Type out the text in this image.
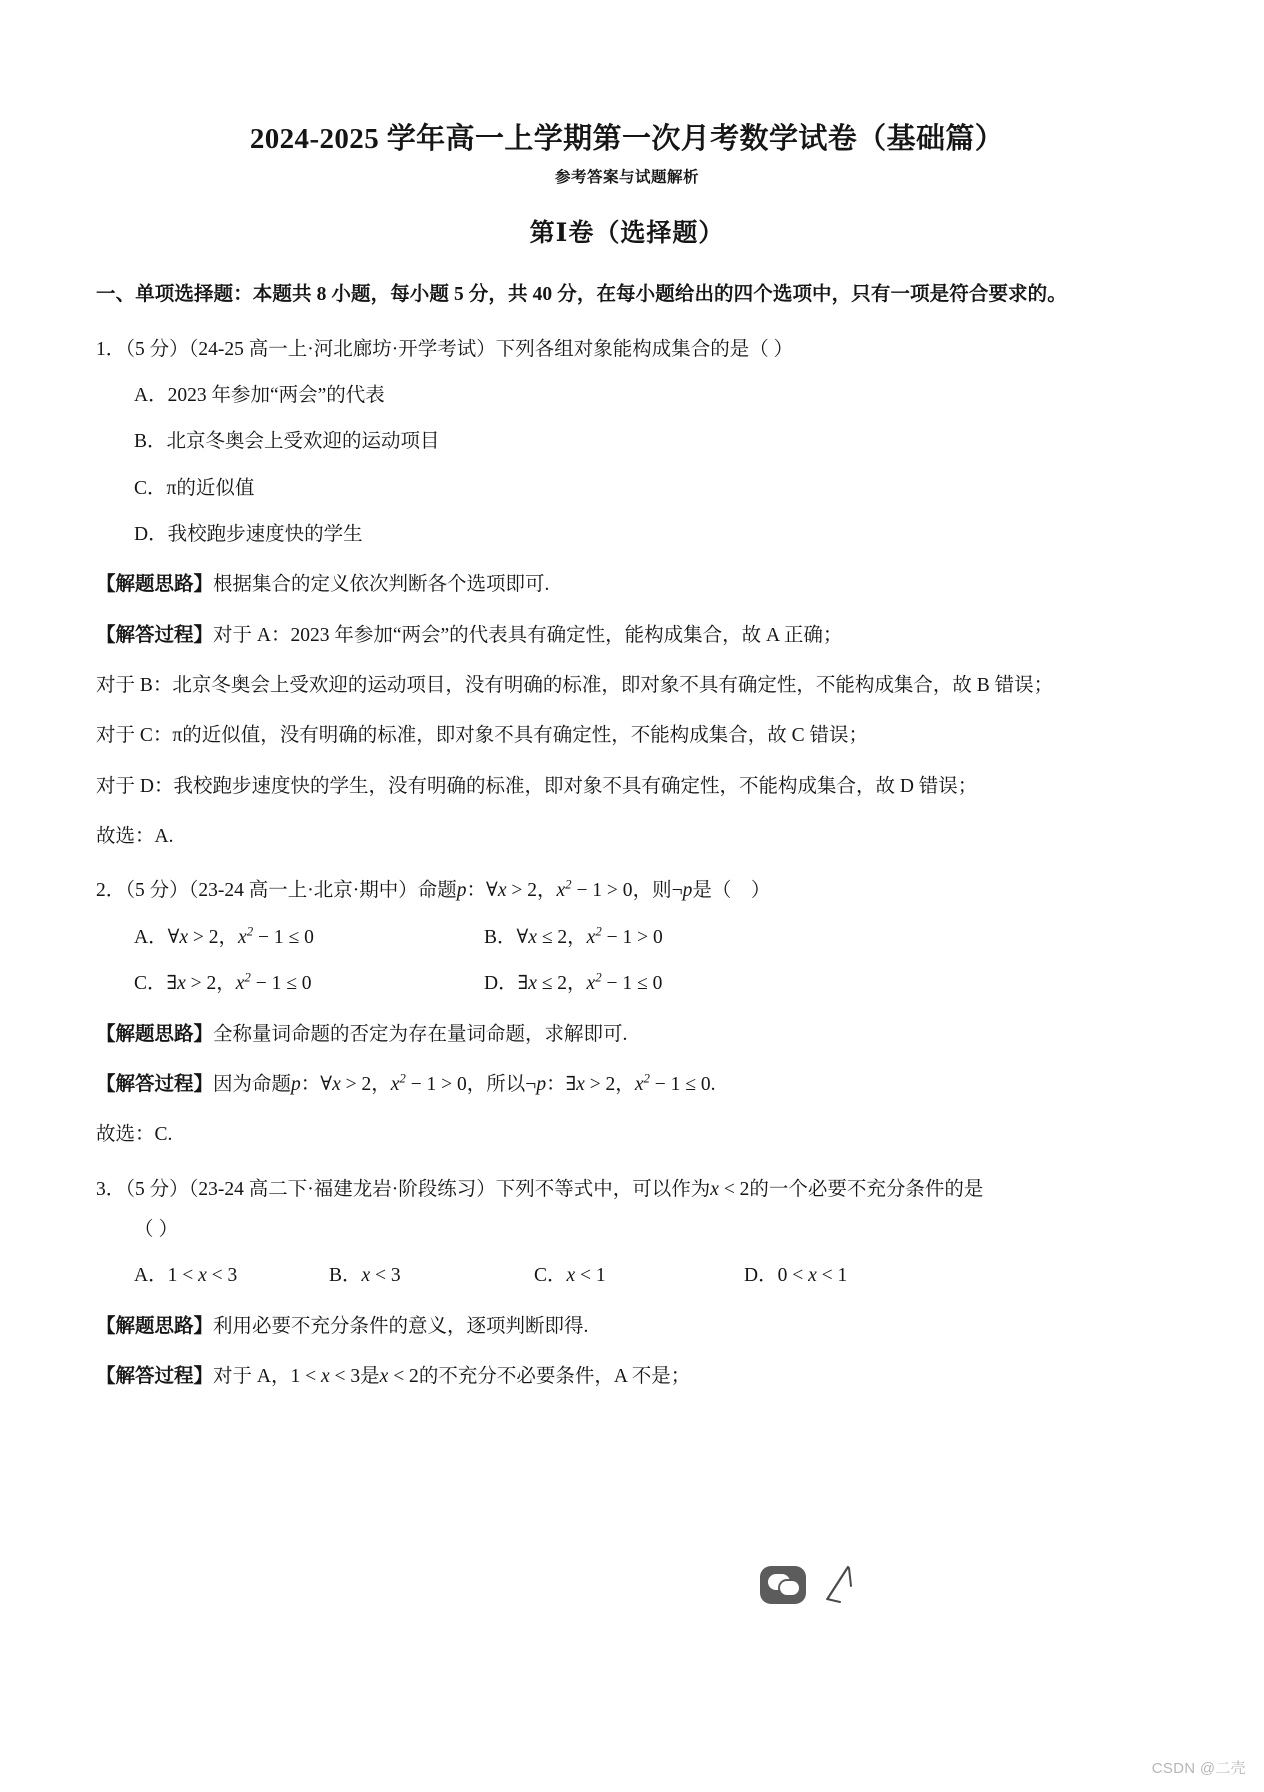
2024-2025 学年高一上学期第一次月考数学试卷（基础篇）
参考答案与试题解析
第Ⅰ卷（选择题）

一、单项选择题：本题共 8 小题，每小题 5 分，共 40 分，在每小题给出的四个选项中，只有一项是符合要求的。

1．（5 分）（24-25 高一上·河北廊坊·开学考试）下列各组对象能构成集合的是（ ）

A．2023 年参加“两会”的代表
B．北京冬奥会上受欢迎的运动项目
C．π的近似值
D．我校跑步速度快的学生

【解题思路】根据集合的定义依次判断各个选项即可.

【解答过程】对于 A：2023 年参加“两会”的代表具有确定性，能构成集合，故 A 正确；

对于 B：北京冬奥会上受欢迎的运动项目，没有明确的标准，即对象不具有确定性，不能构成集合，故 B 错误；

对于 C：π的近似值，没有明确的标准，即对象不具有确定性，不能构成集合，故 C 错误；

对于 D：我校跑步速度快的学生，没有明确的标准，即对象不具有确定性，不能构成集合，故 D 错误；

故选：A.

2．（5 分）（23-24 高一上·北京·期中）命题p：∀x > 2，$x^2 - 1 > 0$，则¬p是（    ）

A．∀x > 2，$x^2 - 1 \le 0$	B．∀x ≤ 2，$x^2 - 1 > 0$
C．∃x > 2，$x^2 - 1 \le 0$	D．∃x ≤ 2，$x^2 - 1 \le 0$

【解题思路】全称量词命题的否定为存在量词命题，求解即可.

【解答过程】因为命题p：∀x > 2，$x^2 - 1 > 0$，所以¬p：∃x > 2，$x^2 - 1 \le 0$.

故选：C.

3．（5 分）（23-24 高二下·福建龙岩·阶段练习）下列不等式中，可以作为x < 2的一个必要不充分条件的是

（ ）

A．1 < x < 3	B．x < 3	C．x < 1	D．0 < x < 1

【解题思路】利用必要不充分条件的意义，逐项判断即得.

【解答过程】对于 A，1 < x < 3是x < 2的不充分不必要条件，A 不是；

CSDN @二壳
